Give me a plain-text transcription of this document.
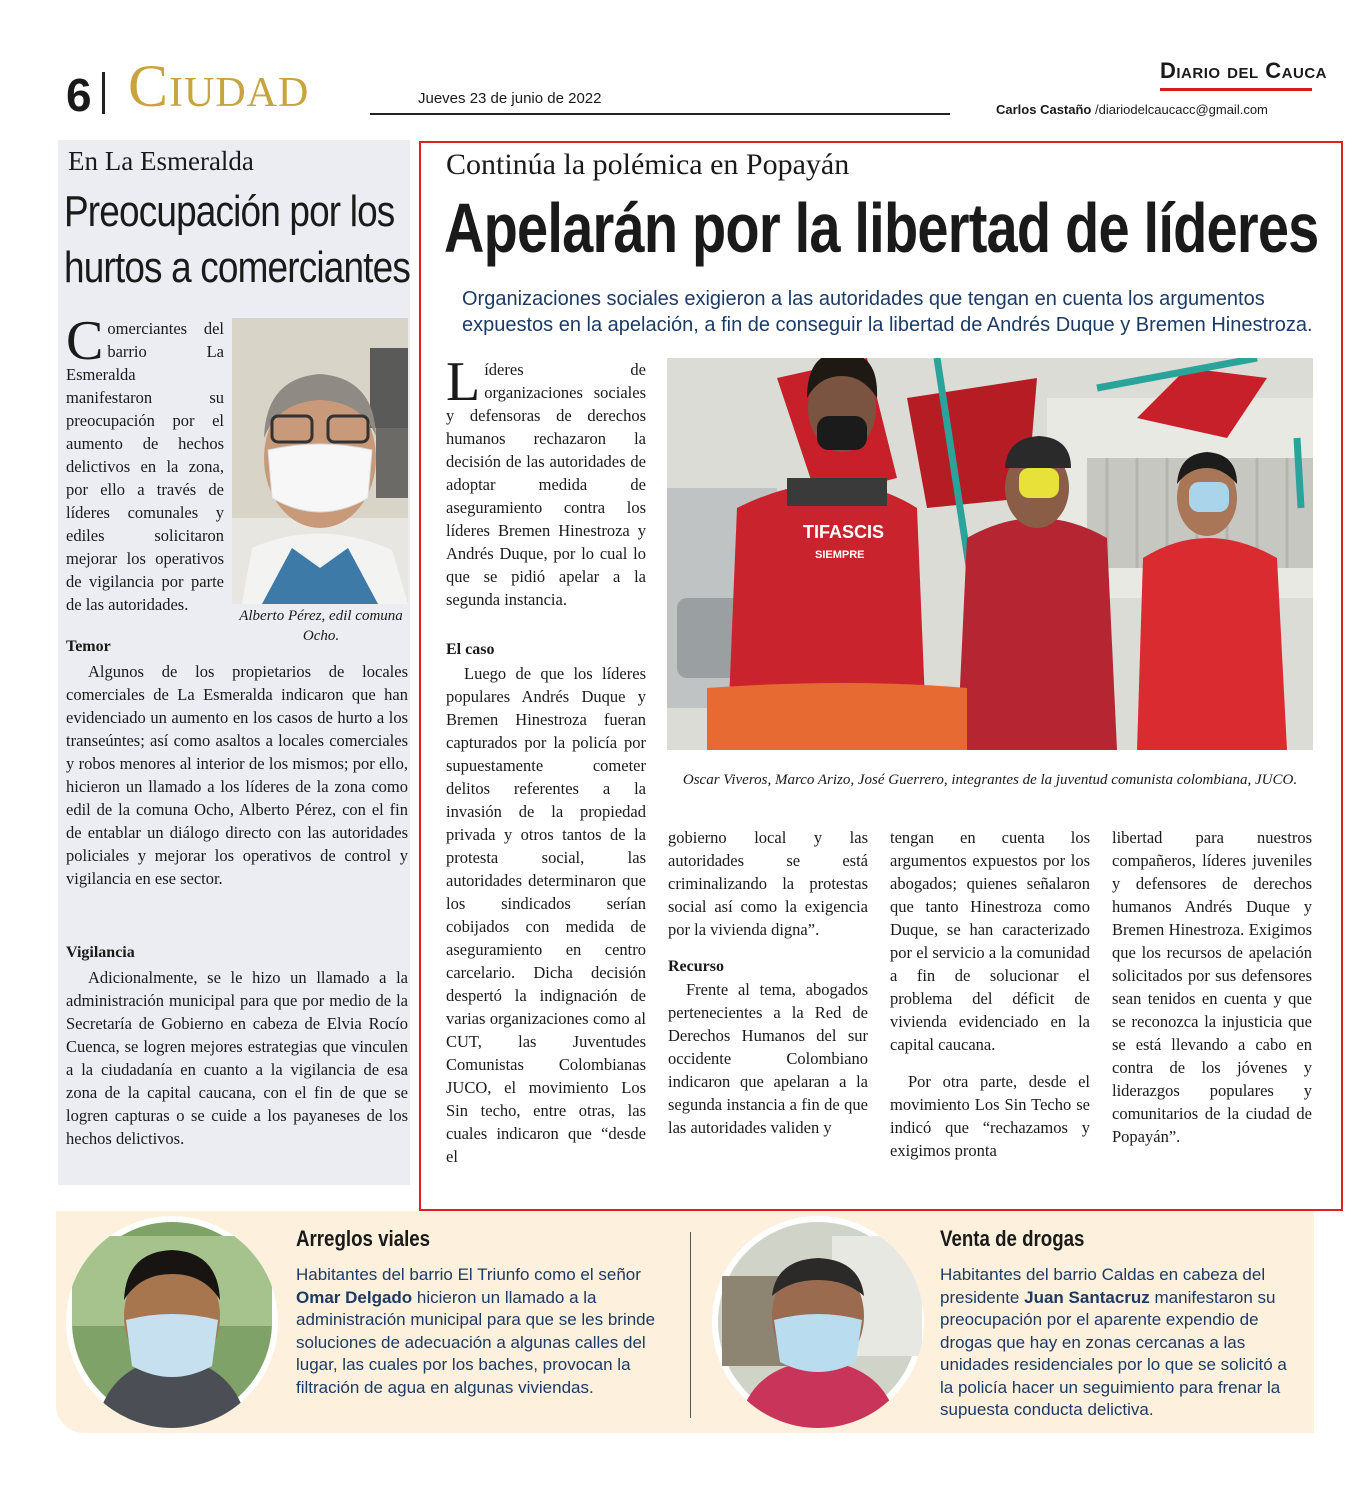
6 Ciudad	Jueves 23 de junio de 2022
Diario del Cauca
Carlos Castaño /diariodelcaucacc@gmail.com
En La Esmeralda
Preocupación por los
hurtos a comerciantes
Comerciantes del barrio La Esmeralda manifestaron su preocupación por el aumento de hechos delictivos en la zona, por ello a través de líderes comunales y ediles solicitaron mejorar los operativos de vigilancia por parte de las autoridades.
Alberto Pérez, edil comuna Ocho.
Temor

Algunos de los propietarios de locales comerciales de La Esmeralda indicaron que han evidenciado un aumento en los casos de hurto a los transeúntes; así como asaltos a locales comerciales y robos menores al interior de los mismos; por ello, hicieron un llamado a los líderes de la zona como edil de la comuna Ocho, Alberto Pérez, con el fin de entablar un diálogo directo con las autoridades policiales y mejorar los operativos de control y vigilancia en ese sector.

Vigilancia

Adicionalmente, se le hizo un llamado a la administración municipal para que por medio de la Secretaría de Gobierno en cabeza de Elvia Rocío Cuenca, se logren mejores estrategias que vinculen a la ciudadanía en cuanto a la vigilancia de esa zona de la capital caucana, con el fin de que se logren capturas o se cuide a los payaneses de los hechos delictivos.

Continúa la polémica en Popayán
Apelarán por la libertad de líderes
Organizaciones sociales exigieron a las autoridades que tengan en cuenta los argumentos expuestos en la apelación, a fin de conseguir la libertad de Andrés Duque y Bremen Hinestroza.
Líderes de organizaciones sociales y defensoras de derechos humanos rechazaron la decisión de las autoridades de adoptar medida de aseguramiento contra los líderes Bremen Hinestroza y Andrés Duque, por lo cual lo que se pidió apelar a la segunda instancia.
TIFASCIS
SIEMPRE
Oscar Viveros, Marco Arizo, José Guerrero, integrantes de la juventud comunista colombiana, JUCO.
El caso

Luego de que los líderes populares Andrés Duque y Bremen Hinestroza fueran capturados por la policía por supuestamente cometer delitos referentes a la invasión de la propiedad privada y otros tantos de la protesta social, las autoridades determinaron que los sindicados serían cobijados con medida de aseguramiento en centro carcelario. Dicha decisión despertó la indignación de varias organizaciones como al CUT, las Juventudes Comunistas Colombianas JUCO, el movimiento Los Sin techo, entre otras, las cuales indicaron que “desde el

gobierno local y las autoridades se está criminalizando la protestas social así como la exigencia por la vivienda digna”.

Recurso

Frente al tema, abogados pertenecientes a la Red de Derechos Humanos del sur occidente Colombiano indicaron que apelaran a la segunda instancia a fin de que las autoridades validen y

tengan en cuenta los argumentos expuestos por los abogados; quienes señalaron que tanto Hinestroza como Duque, se han caracterizado por el servicio a la comunidad a fin de solucionar el problema del déficit de vivienda evidenciado en la capital caucana.

Por otra parte, desde el movimiento Los Sin Techo se indicó que “rechazamos y exigimos pronta

libertad para nuestros compañeros, líderes juveniles y defensores de derechos humanos Andrés Duque y Bremen Hinestroza. Exigimos que los recursos de apelación solicitados por sus defensores sean tenidos en cuenta y que se reconozca la injusticia que se está llevando a cabo en contra de los jóvenes y liderazgos populares y comunitarios de la ciudad de Popayán”.

Arreglos viales
Habitantes del barrio El Triunfo como el señor Omar Delgado hicieron un llamado a la administración municipal para que se les brinde soluciones de adecuación a algunas calles del lugar, las cuales por los baches, provocan la filtración de agua en algunas viviendas.
Venta de drogas
Habitantes del barrio Caldas en cabeza del presidente Juan Santacruz manifestaron su preocupación por el aparente expendio de drogas que hay en zonas cercanas a las unidades residenciales por lo que se solicitó a la policía hacer un seguimiento para frenar la supuesta conducta delictiva.
